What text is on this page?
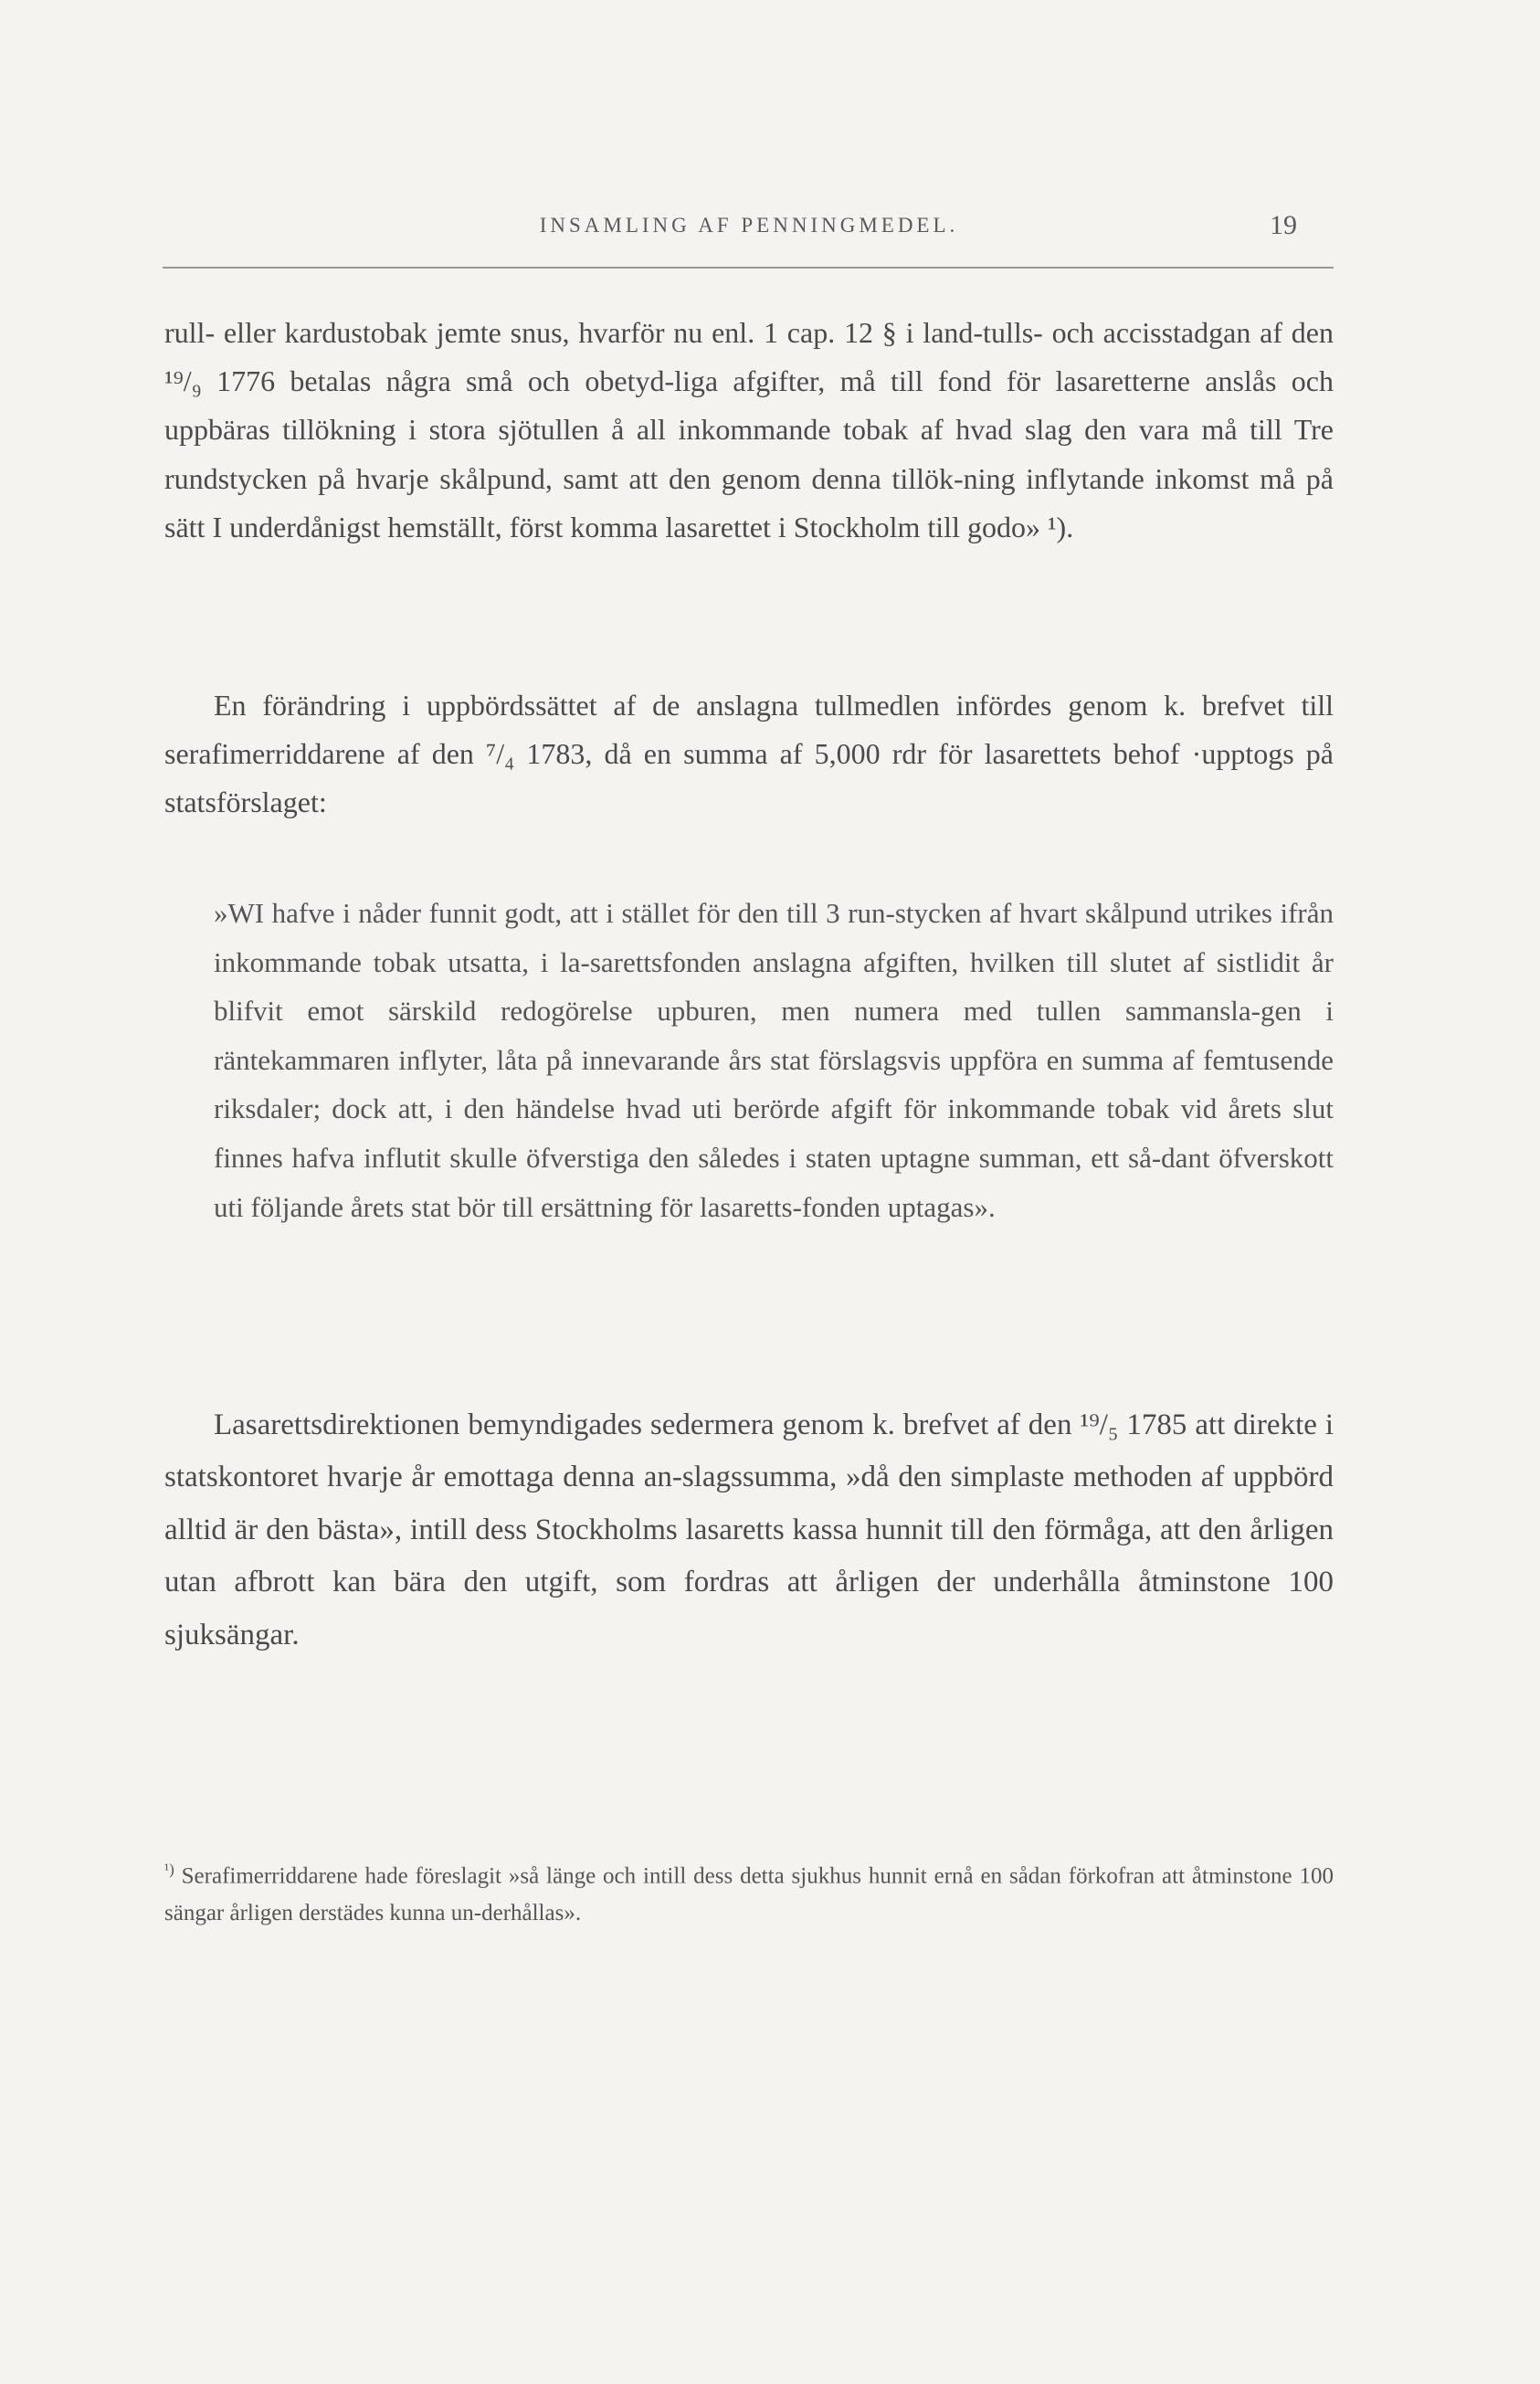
INSAMLING AF PENNINGMEDEL.	19

rull- eller kardustobak jemte snus, hvarför nu enl. 1 cap. 12 § i land-tulls- och accisstadgan af den ¹⁹/₉ 1776 betalas några små och obetyd-liga afgifter, må till fond för lasaretterne anslås och uppbäras tillökning i stora sjötullen å all inkommande tobak af hvad slag den vara må till Tre rundstycken på hvarje skålpund, samt att den genom denna tillök-ning inflytande inkomst må på sätt I underdånigst hemställt, först komma lasarettet i Stockholm till godo» ¹).

En förändring i uppbördssättet af de anslagna tullmedlen infördes genom k. brefvet till serafimerriddarene af den ⁷/₄ 1783, då en summa af 5,000 rdr för lasarettets behof ·upptogs på statsförslaget:

»WI hafve i nåder funnit godt, att i stället för den till 3 run-stycken af hvart skålpund utrikes ifrån inkommande tobak utsatta, i la-sarettsfonden anslagna afgiften, hvilken till slutet af sistlidit år blifvit emot särskild redogörelse upburen, men numera med tullen sammansla-gen i räntekammaren inflyter, låta på innevarande års stat förslagsvis uppföra en summa af femtusende riksdaler; dock att, i den händelse hvad uti berörde afgift för inkommande tobak vid årets slut finnes hafva influtit skulle öfverstiga den således i staten uptagne summan, ett så-dant öfverskott uti följande årets stat bör till ersättning för lasaretts-fonden uptagas».

Lasarettsdirektionen bemyndigades sedermera genom k. brefvet af den ¹⁹/₅ 1785 att direkte i statskontoret hvarje år emottaga denna an-slagssumma, »då den simplaste methoden af uppbörd alltid är den bästa», intill dess Stockholms lasaretts kassa hunnit till den förmåga, att den årligen utan afbrott kan bära den utgift, som fordras att årligen der underhålla åtminstone 100 sjuksängar.

$^{^1)}$ Serafimerriddarene hade föreslagit »så länge och intill dess detta sjukhus hunnit ernå en sådan förkofran att åtminstone 100 sängar årligen derstädes kunna un-derhållas».
